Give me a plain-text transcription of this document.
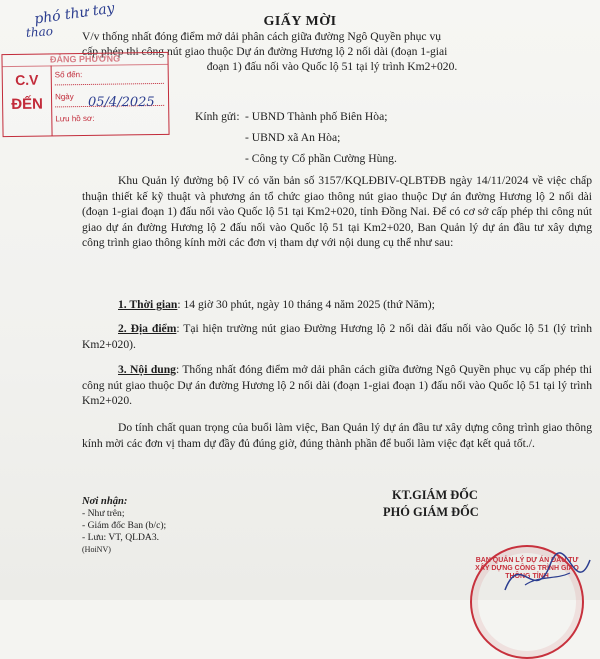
phó thư tay
thao
GIẤY MỜI
V/v thống nhất đóng điểm mở dải phân cách giữa đường Ngô Quyền phục vụ
cấp phép thi công nút giao thuộc Dự án đường Hương lộ 2 nối dài (đoạn 1-giai

đoạn 1) đấu nối vào Quốc lộ 51 tại lý trình Km2+020.
ĐẢNG PHƯỜNG
C.V
ĐẾN
Số đến:
Ngày
Lưu hồ sơ:
05/4/2025
Kính gửi: - UBND Thành phố Biên Hòa;
- UBND xã An Hòa;
- Công ty Cổ phần Cường Hùng.
Khu Quản lý đường bộ IV có văn bản số 3157/KQLĐBIV-QLBTĐB ngày 14/11/2024 về việc chấp thuận thiết kế kỹ thuật và phương án tổ chức giao thông nút giao thuộc Dự án đường Hương lộ 2 nối dài (đoạn 1-giai đoạn 1) đấu nối vào Quốc lộ 51 tại Km2+020, tỉnh Đồng Nai. Để có cơ sở cấp phép thi công nút giao dự án đường Hương lộ 2 đấu nối vào Quốc lộ 51 tại Km2+020, Ban Quản lý dự án đầu tư xây dựng công trình giao thông kính mời các đơn vị tham dự với nội dung cụ thể như sau:
1. Thời gian: 14 giờ 30 phút, ngày 10 tháng 4 năm 2025 (thứ Năm);
2. Địa điểm: Tại hiện trường nút giao Đường Hương lộ 2 nối dài đấu nối vào Quốc lộ 51 (lý trình Km2+020).
3. Nội dung: Thống nhất đóng điểm mở dải phân cách giữa đường Ngô Quyền phục vụ cấp phép thi công nút giao thuộc Dự án đường Hương lộ 2 nối dài (đoạn 1-giai đoạn 1) đấu nối vào Quốc lộ 51 tại lý trình Km2+020.
Do tính chất quan trọng của buổi làm việc, Ban Quản lý dự án đầu tư xây dựng công trình giao thông kính mời các đơn vị tham dự đầy đủ đúng giờ, đúng thành phần để buổi làm việc đạt kết quả tốt./.
Nơi nhận:
- Như trên;
- Giám đốc Ban (b/c);
- Lưu: VT, QLDA3.
(HoiNV)
KT.GIÁM ĐỐC
PHÓ GIÁM ĐỐC
BAN QUẢN LÝ DỰ ÁN ĐẦU TƯ XÂY DỰNG CÔNG TRÌNH GIAO THÔNG TỈNH
